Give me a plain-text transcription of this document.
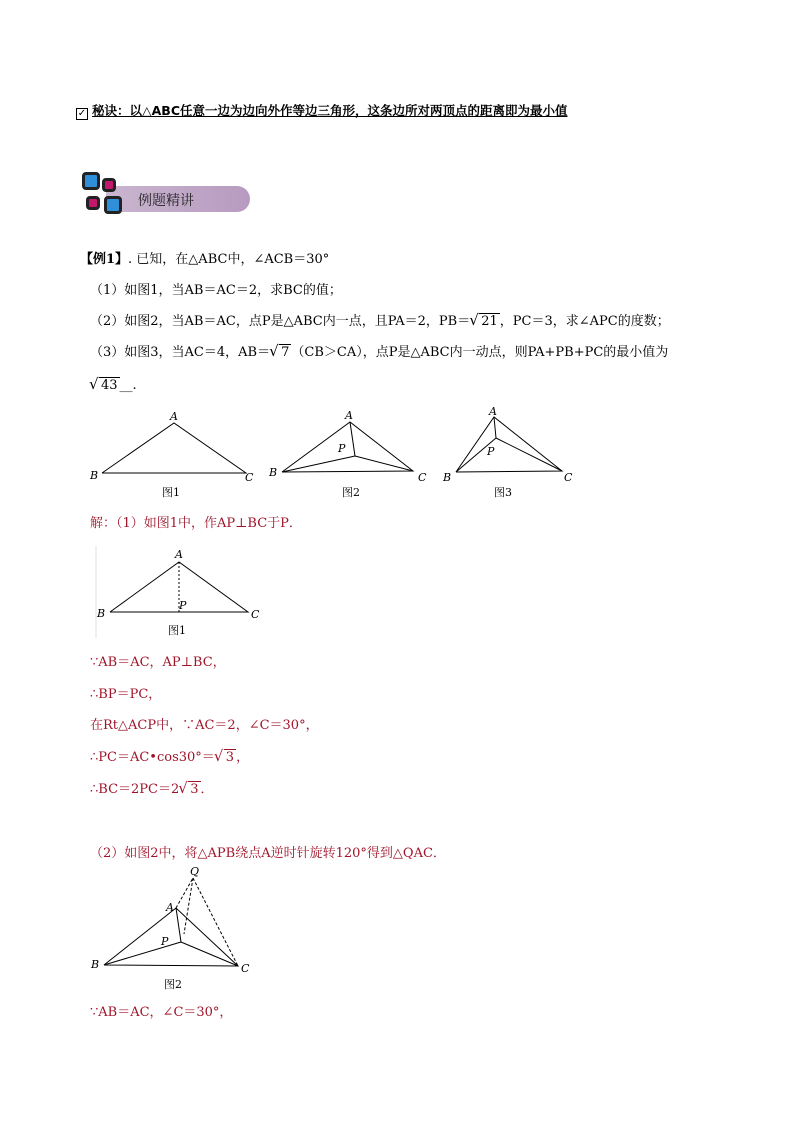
✓ 秘诀：以△ABC任意一边为边向外作等边三角形，这条边所对两顶点的距离即为最小值
例题精讲
【例1】. 已知，在△ABC中，∠ACB＝30°
（1）如图1，当AB＝AC＝2，求BC的值；
（2）如图2，当AB＝AC，点P是△ABC内一点，且PA＝2，PB＝ √ 21 ，PC＝3，求∠APC的度数；
（3）如图3，当AC＝4，AB＝ √ 7 （CB＞CA），点P是△ABC内一动点，则PA+PB+PC的最小值为
√ 43 __.
A
B	C
图1
A
B	C
P
图2
A
B	C
P
图3
解：（1）如图1中，作AP⊥BC于P．
A
B	C
P
图1
∵AB＝AC，AP⊥BC，
∴BP＝PC，
在Rt△ACP中，∵AC＝2，∠C＝30°，
∴PC＝AC•cos30°＝ √ 3 ，
∴BC＝2PC＝2 √ 3 ．
（2）如图2中，将△APB绕点A逆时针旋转120°得到△QAC．
Q
A
B	C
P
图2
∵AB＝AC，∠C＝30°，
